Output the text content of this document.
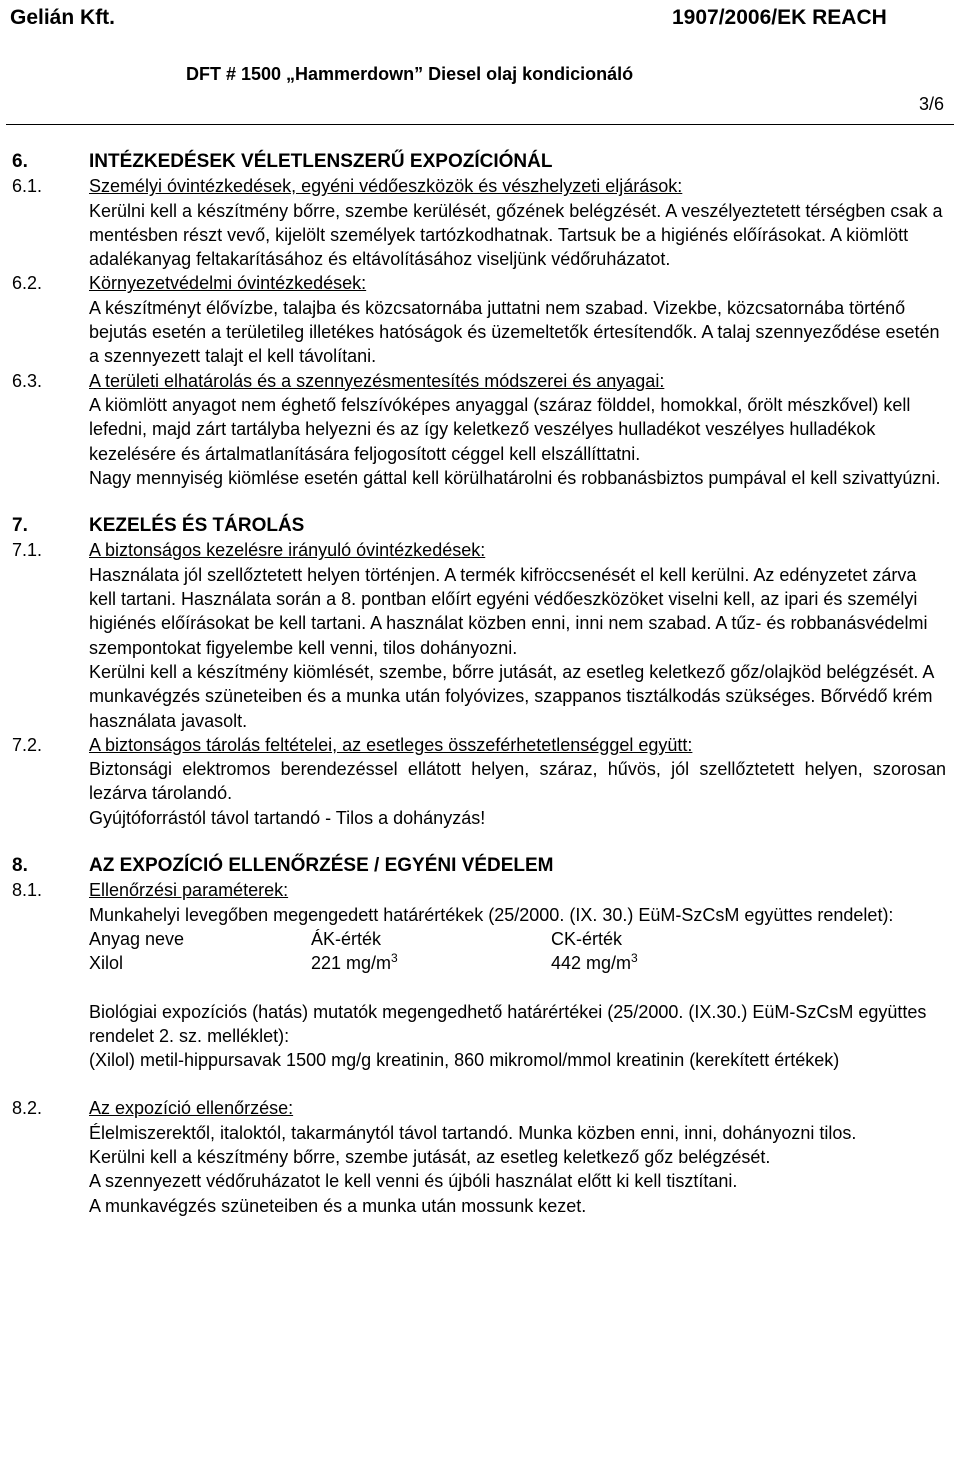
Gelián Kft.	1907/2006/EK REACH
DFT # 1500 „Hammerdown” Diesel olaj kondicionáló
3/6
6.	INTÉZKEDÉSEK VÉLETLENSZERŰ EXPOZÍCIÓNÁL
6.1.	Személyi óvintézkedések, egyéni védőeszközök és vészhelyzeti eljárások:
Kerülni kell a készítmény bőrre, szembe kerülését, gőzének belégzését. A veszélyeztetett térségben csak a mentésben részt vevő, kijelölt személyek tartózkodhatnak. Tartsuk be a higiénés előírásokat. A kiömlött adalékanyag feltakarításához és eltávolításához viseljünk védőruházatot.
6.2.	Környezetvédelmi óvintézkedések:
A készítményt élővízbe, talajba és közcsatornába juttatni nem szabad. Vizekbe, közcsatornába történő bejutás esetén a területileg illetékes hatóságok és üzemeltetők értesítendők. A talaj szennyeződése esetén a szennyezett talajt el kell távolítani.
6.3.	A területi elhatárolás és a szennyezésmentesítés módszerei és anyagai:
A kiömlött anyagot nem éghető felszívóképes anyaggal (száraz földdel, homokkal, őrölt mészkővel) kell lefedni, majd zárt tartályba helyezni és az így keletkező veszélyes hulladékot veszélyes hulladékok kezelésére és ártalmatlanítására feljogosított céggel kell elszállíttatni.
Nagy mennyiség kiömlése esetén gáttal kell körülhatárolni és robbanásbiztos pumpával el kell szivattyúzni.
7.	KEZELÉS ÉS TÁROLÁS
7.1.	A biztonságos kezelésre irányuló óvintézkedések:
Használata jól szellőztetett helyen történjen. A termék kifröccsenését el kell kerülni. Az edényzetet zárva kell tartani. Használata során a 8. pontban előírt egyéni védőeszközöket viselni kell, az ipari és személyi higiénés előírásokat be kell tartani. A használat közben enni, inni nem szabad. A tűz- és robbanásvédelmi szempontokat figyelembe kell venni, tilos dohányozni.
Kerülni kell a készítmény kiömlését, szembe, bőrre jutását, az esetleg keletkező gőz/olajköd belégzését. A munkavégzés szüneteiben és a munka után folyóvizes, szappanos tisztálkodás szükséges. Bőrvédő krém használata javasolt.
7.2.	A biztonságos tárolás feltételei, az esetleges összeférhetetlenséggel együtt:
Biztonsági elektromos berendezéssel ellátott helyen, száraz, hűvös, jól szellőztetett helyen, szorosan lezárva tárolandó.
Gyújtóforrástól távol tartandó - Tilos a dohányzás!
8.	AZ EXPOZÍCIÓ ELLENŐRZÉSE / EGYÉNI VÉDELEM
8.1.	Ellenőrzési paraméterek:
Munkahelyi levegőben megengedett határértékek (25/2000. (IX. 30.) EüM-SzCsM együttes rendelet):
Anyag neve	ÁK-érték	CK-érték
Xilol	221 $mg/m^3$	442 $mg/m^3$
Biológiai expozíciós (hatás) mutatók megengedhető határértékei (25/2000. (IX.30.) EüM-SzCsM együttes rendelet 2. sz. melléklet):
(Xilol) metil-hippursavak 1500 mg/g kreatinin, 860 mikromol/mmol kreatinin (kerekített értékek)
8.2.	Az expozíció ellenőrzése:
Élelmiszerektől, italoktól, takarmánytól távol tartandó. Munka közben enni, inni, dohányozni tilos.
Kerülni kell a készítmény bőrre, szembe jutását, az esetleg keletkező gőz belégzését.
A szennyezett védőruházatot le kell venni és újbóli használat előtt ki kell tisztítani.
A munkavégzés szüneteiben és a munka után mossunk kezet.
